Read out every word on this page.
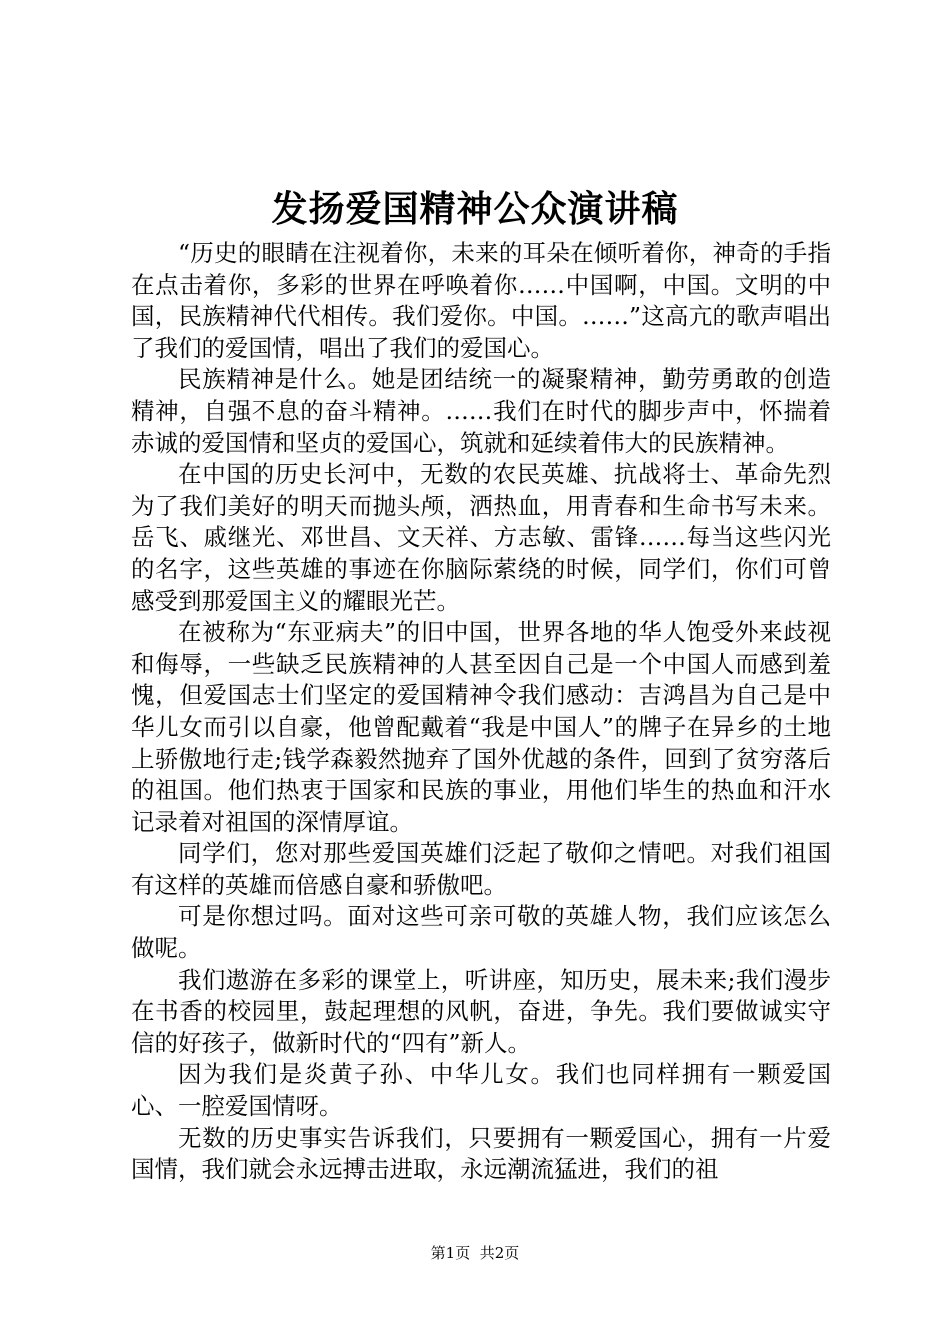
发扬爱国精神公众演讲稿

“历史的眼睛在注视着你，未来的耳朵在倾听着你，神奇的手指在点击着你，多彩的世界在呼唤着你……中国啊，中国。文明的中国，民族精神代代相传。我们爱你。中国。……”这高亢的歌声唱出了我们的爱国情，唱出了我们的爱国心。

民族精神是什么。她是团结统一的凝聚精神，勤劳勇敢的创造精神，自强不息的奋斗精神。……我们在时代的脚步声中，怀揣着赤诚的爱国情和坚贞的爱国心，筑就和延续着伟大的民族精神。

在中国的历史长河中，无数的农民英雄、抗战将士、革命先烈为了我们美好的明天而抛头颅，洒热血，用青春和生命书写未来。岳飞、戚继光、邓世昌、文天祥、方志敏、雷锋……每当这些闪光的名字，这些英雄的事迹在你脑际萦绕的时候，同学们，你们可曾感受到那爱国主义的耀眼光芒。

在被称为“东亚病夫”的旧中国，世界各地的华人饱受外来歧视和侮辱，一些缺乏民族精神的人甚至因自己是一个中国人而感到羞愧，但爱国志士们坚定的爱国精神令我们感动：吉鸿昌为自己是中华儿女而引以自豪，他曾配戴着“我是中国人”的牌子在异乡的土地上骄傲地行走;钱学森毅然抛弃了国外优越的条件，回到了贫穷落后的祖国。他们热衷于国家和民族的事业，用他们毕生的热血和汗水记录着对祖国的深情厚谊。

同学们，您对那些爱国英雄们泛起了敬仰之情吧。对我们祖国有这样的英雄而倍感自豪和骄傲吧。

可是你想过吗。面对这些可亲可敬的英雄人物，我们应该怎么做呢。

我们遨游在多彩的课堂上，听讲座，知历史，展未来;我们漫步在书香的校园里，鼓起理想的风帆，奋进，争先。我们要做诚实守信的好孩子，做新时代的“四有”新人。

因为我们是炎黄子孙、中华儿女。我们也同样拥有一颗爱国心、一腔爱国情呀。

无数的历史事实告诉我们，只要拥有一颗爱国心，拥有一片爱国情，我们就会永远搏击进取，永远潮流猛进，我们的祖

第1页 共2页
